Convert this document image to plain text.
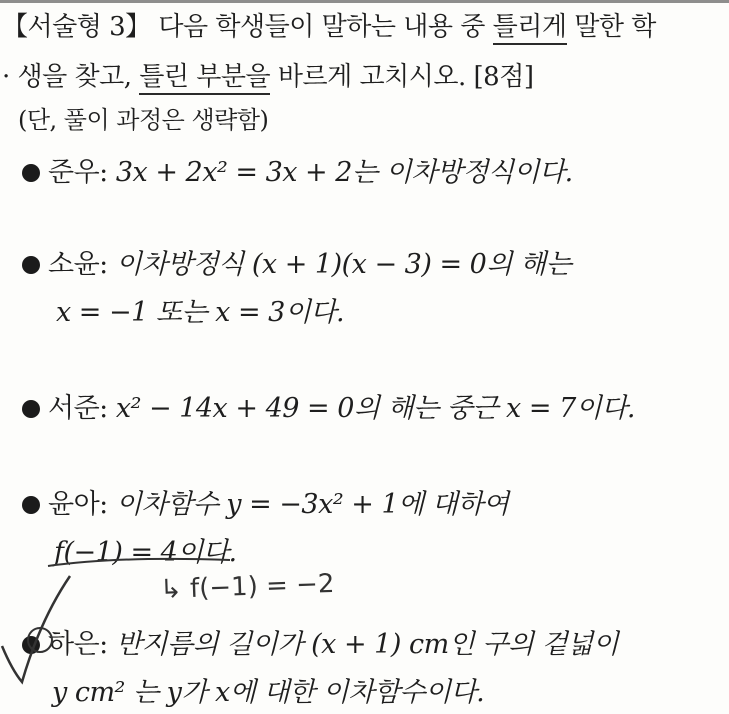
【서술형 3】 다음 학생들이 말하는 내용 중 틀리게 말한 학
· 생을 찾고, 틀린 부분을 바르게 고치시오. [8점]
(단, 풀이 과정은 생략함)
준우: 3x + 2x² = 3x + 2는 이차방정식이다.
소윤: 이차방정식 (x + 1)(x − 3) = 0의 해는
x = −1 또는 x = 3이다.
서준: x² − 14x + 49 = 0의 해는 중근 x = 7이다.
윤아: 이차함수 y = −3x² + 1에 대하여
f(−1) = 4이다.
↳ f(−1) = −2
하은: 반지름의 길이가 (x + 1) cm인 구의 겉넓이
y cm² 는 y가 x에 대한 이차함수이다.
